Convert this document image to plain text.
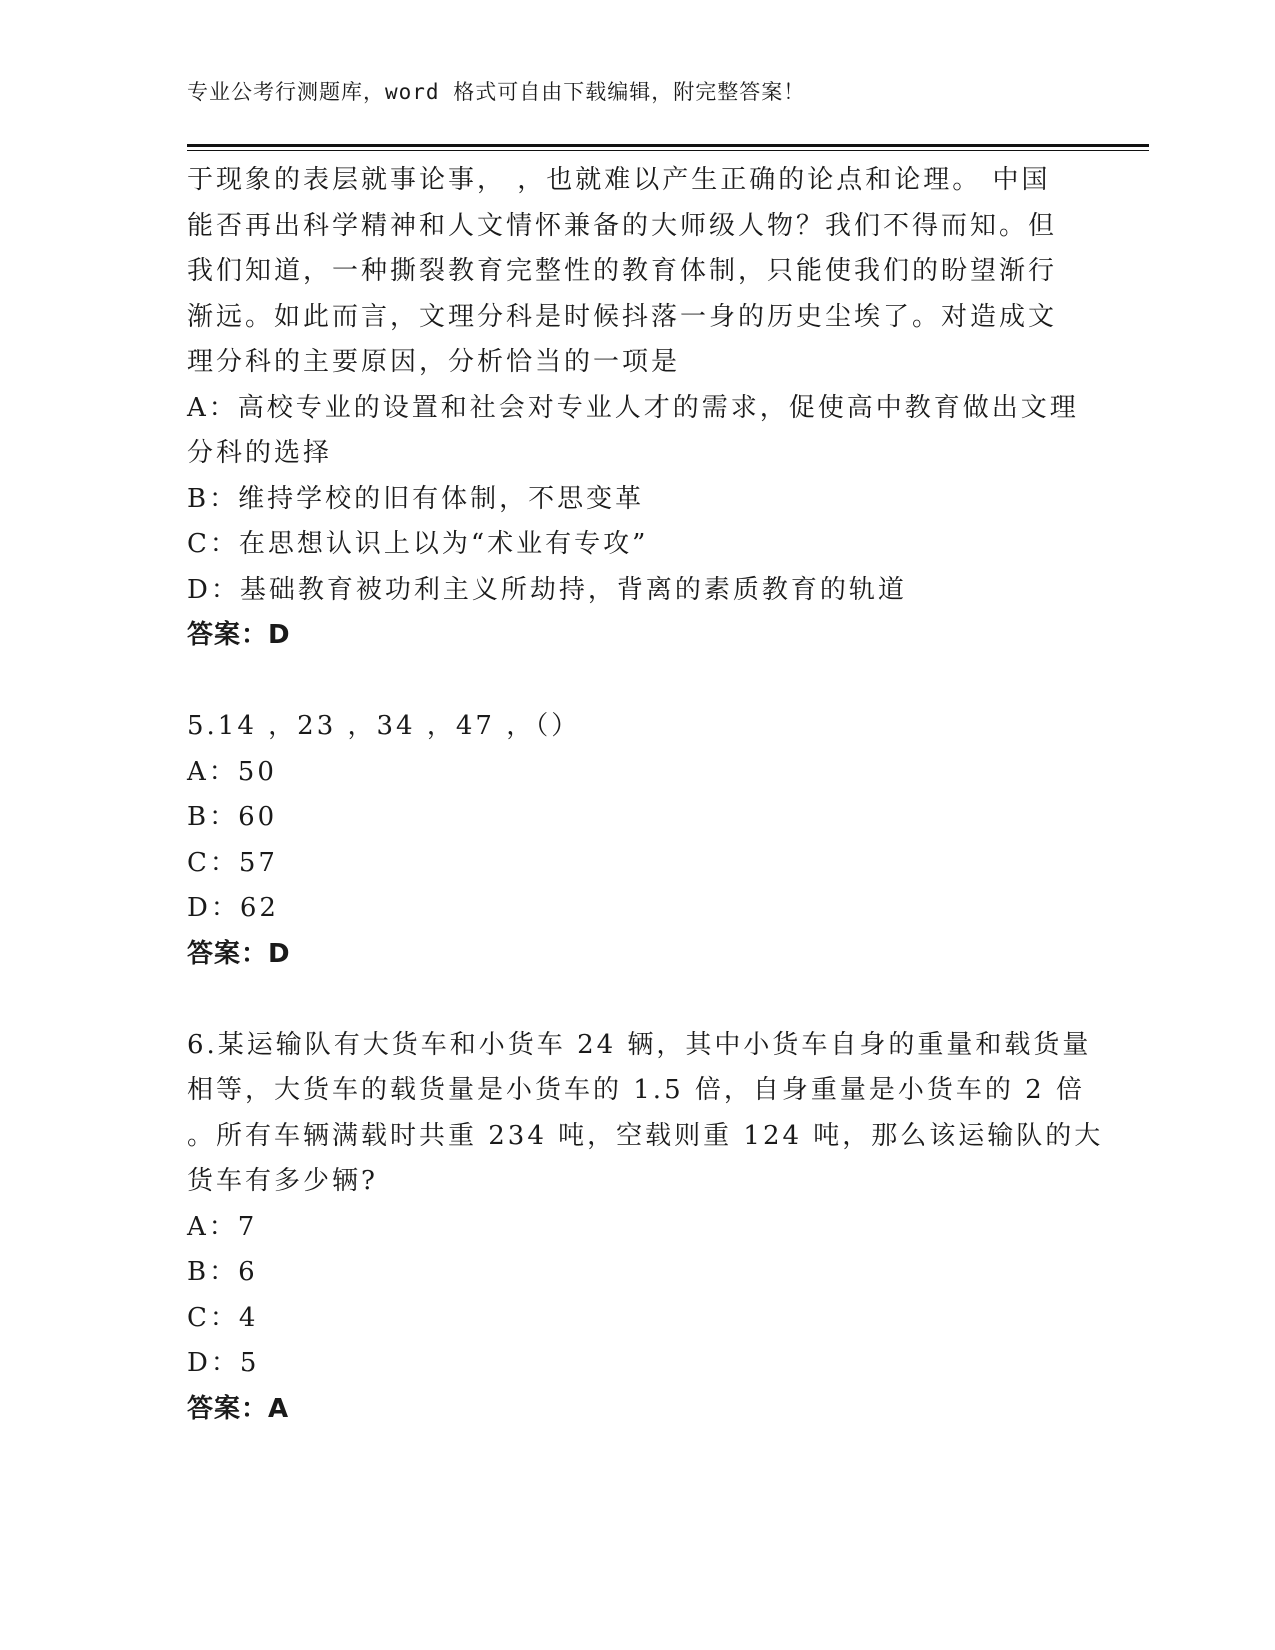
专业公考行测题库，word 格式可自由下载编辑，附完整答案！
于现象的表层就事论事， ，也就难以产生正确的论点和论理。 中国
能否再出科学精神和人文情怀兼备的大师级人物？我们不得而知。但
我们知道，一种撕裂教育完整性的教育体制，只能使我们的盼望渐行
渐远。如此而言，文理分科是时候抖落一身的历史尘埃了。对造成文
理分科的主要原因，分析恰当的一项是
A：高校专业的设置和社会对专业人才的需求，促使高中教育做出文理
分科的选择
B：维持学校的旧有体制，不思变革
C：在思想认识上以为“术业有专攻”
D：基础教育被功利主义所劫持，背离的素质教育的轨道
答案：D
5.14 ，23 ，34 ，47 ，（）
A：50
B：60
C：57
D：62
答案：D
6.某运输队有大货车和小货车 24 辆，其中小货车自身的重量和载货量
相等，大货车的载货量是小货车的 1.5 倍，自身重量是小货车的 2 倍
。所有车辆满载时共重 234 吨，空载则重 124 吨，那么该运输队的大
货车有多少辆?
A：7
B：6
C：4
D：5
答案：A
